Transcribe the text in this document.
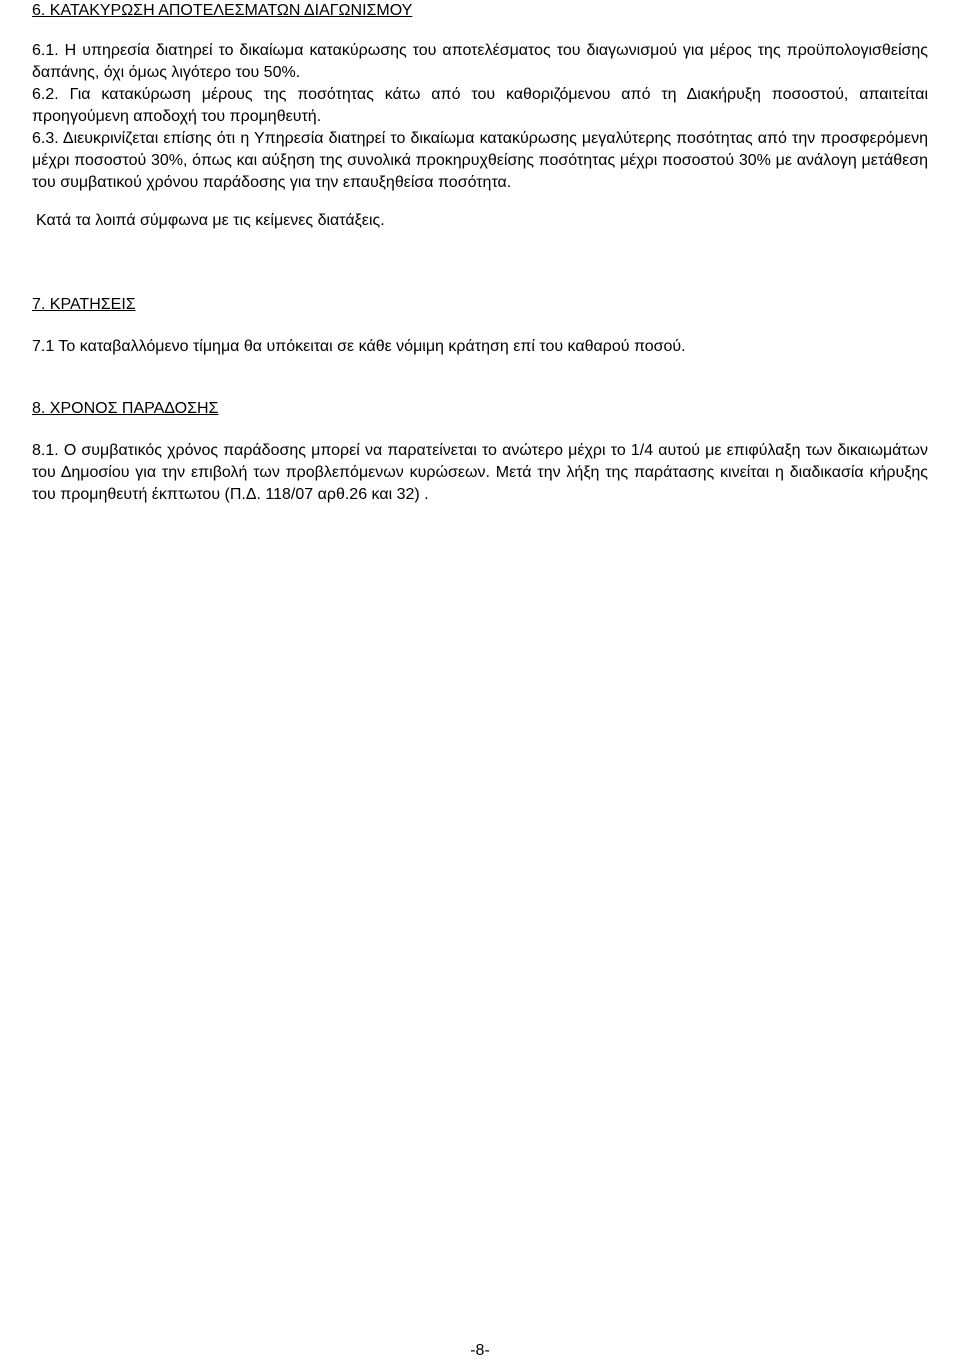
6. ΚΑΤΑΚΥΡΩΣΗ ΑΠΟΤΕΛΕΣΜΑΤΩΝ ΔΙΑΓΩΝΙΣΜΟΥ

6.1. Η υπηρεσία διατηρεί το δικαίωμα κατακύρωσης του αποτελέσματος του διαγωνισμού για μέρος της προϋπολογισθείσης δαπάνης, όχι όμως λιγότερο του 50%.

6.2. Για κατακύρωση μέρους της ποσότητας κάτω από του καθοριζόμενου από τη Διακήρυξη ποσοστού, απαιτείται προηγούμενη αποδοχή του προμηθευτή.

6.3. Διευκρινίζεται επίσης ότι η Υπηρεσία διατηρεί το δικαίωμα κατακύρωσης μεγαλύτερης ποσότητας από την προσφερόμενη μέχρι ποσοστού 30%, όπως και αύξηση της συνολικά προκηρυχθείσης ποσότητας μέχρι ποσοστού 30% με ανάλογη μετάθεση του συμβατικού χρόνου παράδοσης για την επαυξηθείσα ποσότητα.

Κατά τα λοιπά σύμφωνα με τις κείμενες διατάξεις.

7. ΚΡΑΤΗΣΕΙΣ

7.1 Το καταβαλλόμενο τίμημα θα υπόκειται σε κάθε νόμιμη κράτηση επί του καθαρού ποσού.

8. ΧΡΟΝΟΣ ΠΑΡΑΔΟΣΗΣ

8.1. Ο συμβατικός χρόνος παράδοσης μπορεί να παρατείνεται το ανώτερο μέχρι το 1/4 αυτού με επιφύλαξη των δικαιωμάτων του Δημοσίου για την επιβολή των προβλεπόμενων κυρώσεων. Μετά την λήξη της παράτασης κινείται η διαδικασία κήρυξης του προμηθευτή έκπτωτου (Π.Δ. 118/07 αρθ.26 και 32) .

-8-
